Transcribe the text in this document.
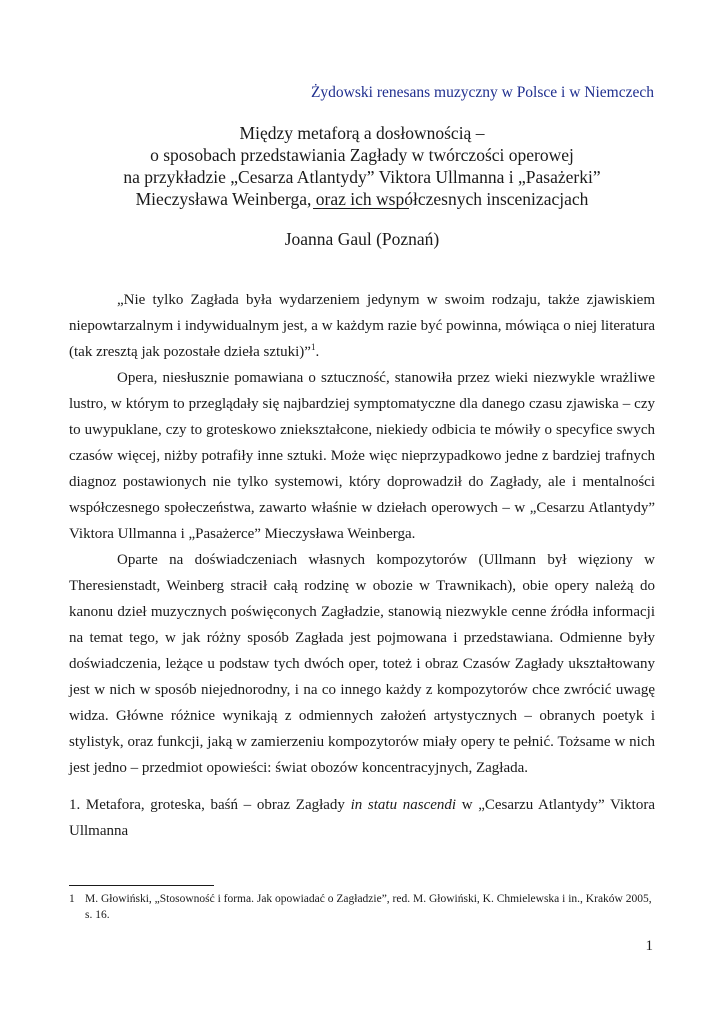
Żydowski renesans muzyczny w Polsce i w Niemczech
Między metaforą a dosłownością –
o sposobach przedstawiania Zagłady w twórczości operowej
na przykładzie „Cesarza Atlantydy” Viktora Ullmanna i „Pasażerki”
Mieczysława Weinberga, oraz ich współczesnych inscenizacjach
Joanna Gaul (Poznań)

„Nie tylko Zagłada była wydarzeniem jedynym w swoim rodzaju, także zjawiskiem niepowtarzalnym i indywidualnym jest, a w każdym razie być powinna, mówiąca o niej literatura (tak zresztą jak pozostałe dzieła sztuki)”$^1$.

Opera, niesłusznie pomawiana o sztuczność, stanowiła przez wieki niezwykle wrażliwe lustro, w którym to przeglądały się najbardziej symptomatyczne dla danego czasu zjawiska – czy to uwypuklane, czy to groteskowo zniekształcone, niekiedy odbicia te mówiły o specyfice swych czasów więcej, niżby potrafiły inne sztuki. Może więc nieprzypadkowo jedne z bardziej trafnych diagnoz postawionych nie tylko systemowi, który doprowadził do Zagłady, ale i mentalności współczesnego społeczeństwa, zawarto właśnie w dziełach operowych – w „Cesarzu Atlantydy” Viktora Ullmanna i „Pasażerce” Mieczysława Weinberga.

Oparte na doświadczeniach własnych kompozytorów (Ullmann był więziony w Theresienstadt, Weinberg stracił całą rodzinę w obozie w Trawnikach), obie opery należą do kanonu dzieł muzycznych poświęconych Zagładzie, stanowią niezwykle cenne źródła informacji na temat tego, w jak różny sposób Zagłada jest pojmowana i przedstawiana. Odmienne były doświadczenia, leżące u podstaw tych dwóch oper, toteż i obraz Czasów Zagłady ukształtowany jest w nich w sposób niejednorodny, i na co innego każdy z kompozytorów chce zwrócić uwagę widza. Główne różnice wynikają z odmiennych założeń artystycznych – obranych poetyk i stylistyk, oraz funkcji, jaką w zamierzeniu kompozytorów miały opery te pełnić. Tożsame w nich jest jedno – przedmiot opowieści: świat obozów koncentracyjnych, Zagłada.

1. Metafora, groteska, baśń – obraz Zagłady in statu nascendi w „Cesarzu Atlantydy” Viktora Ullmanna
1 M. Głowiński, „Stosowność i forma. Jak opowiadać o Zagładzie”, red. M. Głowiński, K. Chmielewska i in., Kraków 2005, s. 16.
1
